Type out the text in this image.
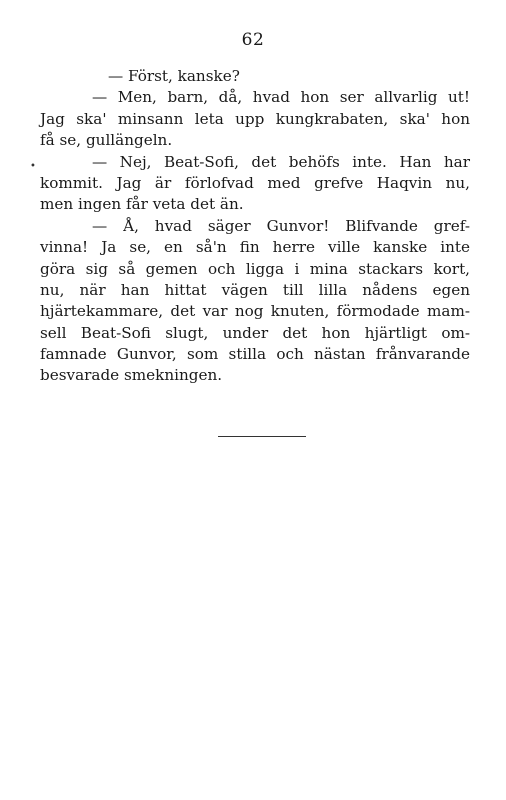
62
•
— Först, kanske?
— Men, barn, då, hvad hon ser allvarlig ut!
Jag ska' minsann leta upp kungkrabaten, ska' hon
få se, gullängeln.
— Nej, Beat-Sofi, det behöfs inte. Han har
kommit. Jag är förlofvad med grefve Haqvin nu,
men ingen får veta det än.
— Å, hvad säger Gunvor! Blifvande gref-
vinna! Ja se, en så'n fin herre ville kanske inte
göra sig så gemen och ligga i mina stackars kort,
nu, när han hittat vägen till lilla nådens egen
hjärtekammare, det var nog knuten, förmodade mam-
sell Beat-Sofi slugt, under det hon hjärtligt om-
famnade Gunvor, som stilla och nästan frånvarande
besvarade smekningen.
